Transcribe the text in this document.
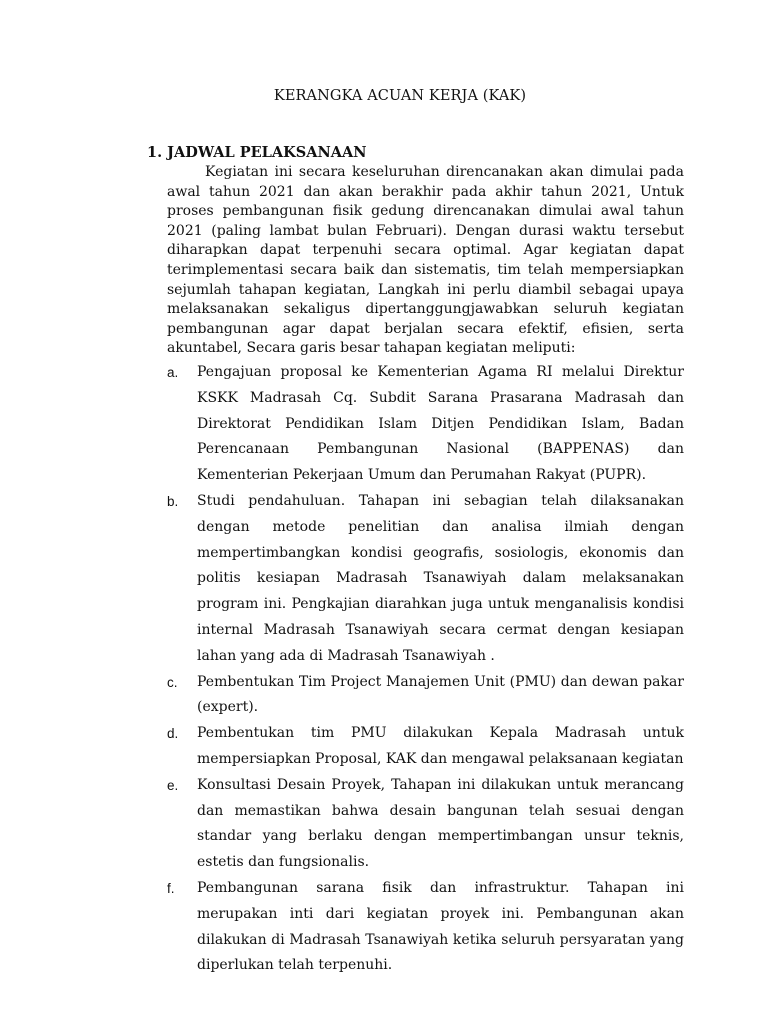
KERANGKA ACUAN KERJA (KAK)
1. JADWAL PELAKSANAAN

Kegiatan ini secara keseluruhan direncanakan akan dimulai pada awal tahun 2021 dan akan berakhir pada akhir tahun 2021, Untuk proses pembangunan fisik gedung direncanakan dimulai awal tahun 2021 (paling lambat bulan Februari). Dengan durasi waktu tersebut diharapkan dapat terpenuhi secara optimal. Agar kegiatan dapat terimplementasi secara baik dan sistematis, tim telah mempersiapkan sejumlah tahapan kegiatan, Langkah ini perlu diambil sebagai upaya melaksanakan sekaligus dipertanggungjawabkan seluruh kegiatan pembangunan agar dapat berjalan secara efektif, efisien, serta akuntabel, Secara garis besar tahapan kegiatan meliputi:

a. Pengajuan proposal ke Kementerian Agama RI melalui Direktur KSKK Madrasah Cq. Subdit Sarana Prasarana Madrasah dan Direktorat Pendidikan Islam Ditjen Pendidikan Islam, Badan Perencanaan Pembangunan Nasional (BAPPENAS) dan Kementerian Pekerjaan Umum dan Perumahan Rakyat (PUPR).
b. Studi pendahuluan. Tahapan ini sebagian telah dilaksanakan dengan metode penelitian dan analisa ilmiah dengan mempertimbangkan kondisi geografis, sosiologis, ekonomis dan politis kesiapan Madrasah Tsanawiyah dalam melaksanakan program ini. Pengkajian diarahkan juga untuk menganalisis kondisi internal Madrasah Tsanawiyah secara cermat dengan kesiapan lahan yang ada di Madrasah Tsanawiyah .
c. Pembentukan Tim Project Manajemen Unit (PMU) dan dewan pakar (expert).
d. Pembentukan tim PMU dilakukan Kepala Madrasah untuk mempersiapkan Proposal, KAK dan mengawal pelaksanaan kegiatan
e. Konsultasi Desain Proyek, Tahapan ini dilakukan untuk merancang dan memastikan bahwa desain bangunan telah sesuai dengan standar yang berlaku dengan mempertimbangan unsur teknis, estetis dan fungsionalis.
f. Pembangunan sarana fisik dan infrastruktur. Tahapan ini merupakan inti dari kegiatan proyek ini. Pembangunan akan dilakukan di Madrasah Tsanawiyah ketika seluruh persyaratan yang diperlukan telah terpenuhi.
